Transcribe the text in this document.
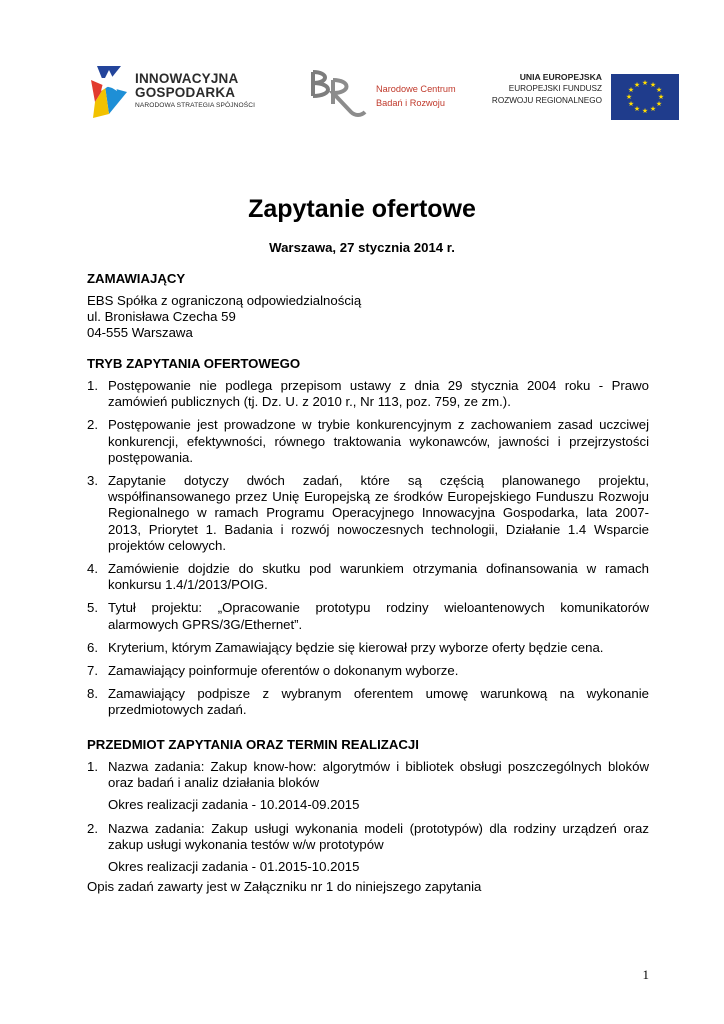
INNOWACYJNA
GOSPODARKA
NARODOWA STRATEGIA SPÓJNOŚCI
Narodowe Centrum
Badań i Rozwoju
UNIA EUROPEJSKA
EUROPEJSKI FUNDUSZ
ROZWOJU REGIONALNEGO
★ ★
★
★
★
★
★
★
★
★
★
★
Zapytanie ofertowe
Warszawa, 27 stycznia 2014 r.
ZAMAWIAJĄCY
EBS Spółka z ograniczoną odpowiedzialnością
ul. Bronisława Czecha 59
04-555 Warszawa
TRYB ZAPYTANIA OFERTOWEGO
1. Postępowanie nie podlega przepisom ustawy z dnia 29 stycznia 2004 roku - Prawo zamówień publicznych (tj. Dz. U. z 2010 r., Nr 113, poz. 759, ze zm.).
2. Postępowanie jest prowadzone w trybie konkurencyjnym z zachowaniem zasad uczciwej konkurencji, efektywności, równego traktowania wykonawców, jawności i przejrzystości postępowania.
3. Zapytanie dotyczy dwóch zadań, które są częścią planowanego projektu, współfinansowanego przez Unię Europejską ze środków Europejskiego Funduszu Rozwoju Regionalnego w ramach Programu Operacyjnego Innowacyjna Gospodarka, lata 2007-2013, Priorytet 1. Badania i rozwój nowoczesnych technologii, Działanie 1.4 Wsparcie projektów celowych.
4. Zamówienie dojdzie do skutku pod warunkiem otrzymania dofinansowania w ramach konkursu 1.4/1/2013/POIG.
5. Tytuł projektu: „Opracowanie prototypu rodziny wieloantenowych komunikatorów alarmowych GPRS/3G/Ethernet”.
6. Kryterium, którym Zamawiający będzie się kierował przy wyborze oferty będzie cena.
7. Zamawiający poinformuje oferentów o dokonanym wyborze.
8. Zamawiający podpisze z wybranym oferentem umowę warunkową na wykonanie przedmiotowych zadań.
PRZEDMIOT ZAPYTANIA ORAZ TERMIN REALIZACJI
1. Nazwa zadania: Zakup know-how: algorytmów i bibliotek obsługi poszczególnych bloków oraz badań i analiz działania bloków
Okres realizacji zadania - 10.2014-09.2015
2. Nazwa zadania: Zakup usługi wykonania modeli (prototypów) dla rodziny urządzeń oraz zakup usługi wykonania testów w/w prototypów
Okres realizacji zadania - 01.2015-10.2015
Opis zadań zawarty jest w Załączniku nr 1 do niniejszego zapytania
1
